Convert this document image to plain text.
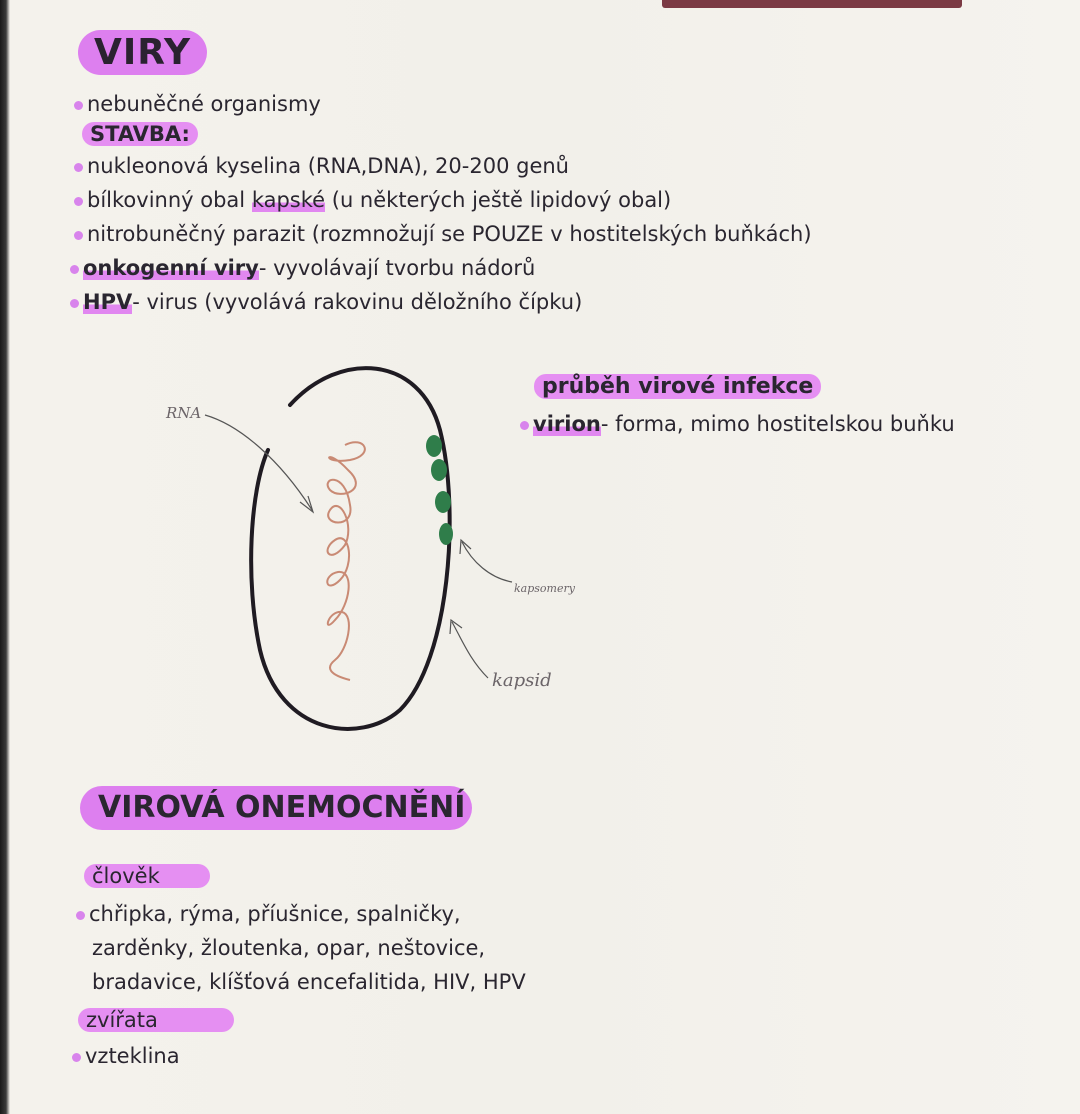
VIRY
nebuněčné organismy
STAVBA:
nukleonová kyselina (RNA,DNA), 20-200 genů
bílkovinný obal kapské (u některých ještě lipidový obal)
nitrobuněčný parazit (rozmnožují se POUZE v hostitelských buňkách)
onkogenní viry- vyvolávají tvorbu nádorů
HPV- virus (vyvolává rakovinu děložního čípku)
RNA
kapsomery
kapsid
průběh virové infekce
virion- forma, mimo hostitelskou buňku
VIROVÁ ONEMOCNĚNÍ
člověk
chřipka, rýma, příušnice, spalničky,
zarděnky, žloutenka, opar, neštovice,
bradavice, klíšťová encefalitida, HIV, HPV
zvířata
vzteklina
